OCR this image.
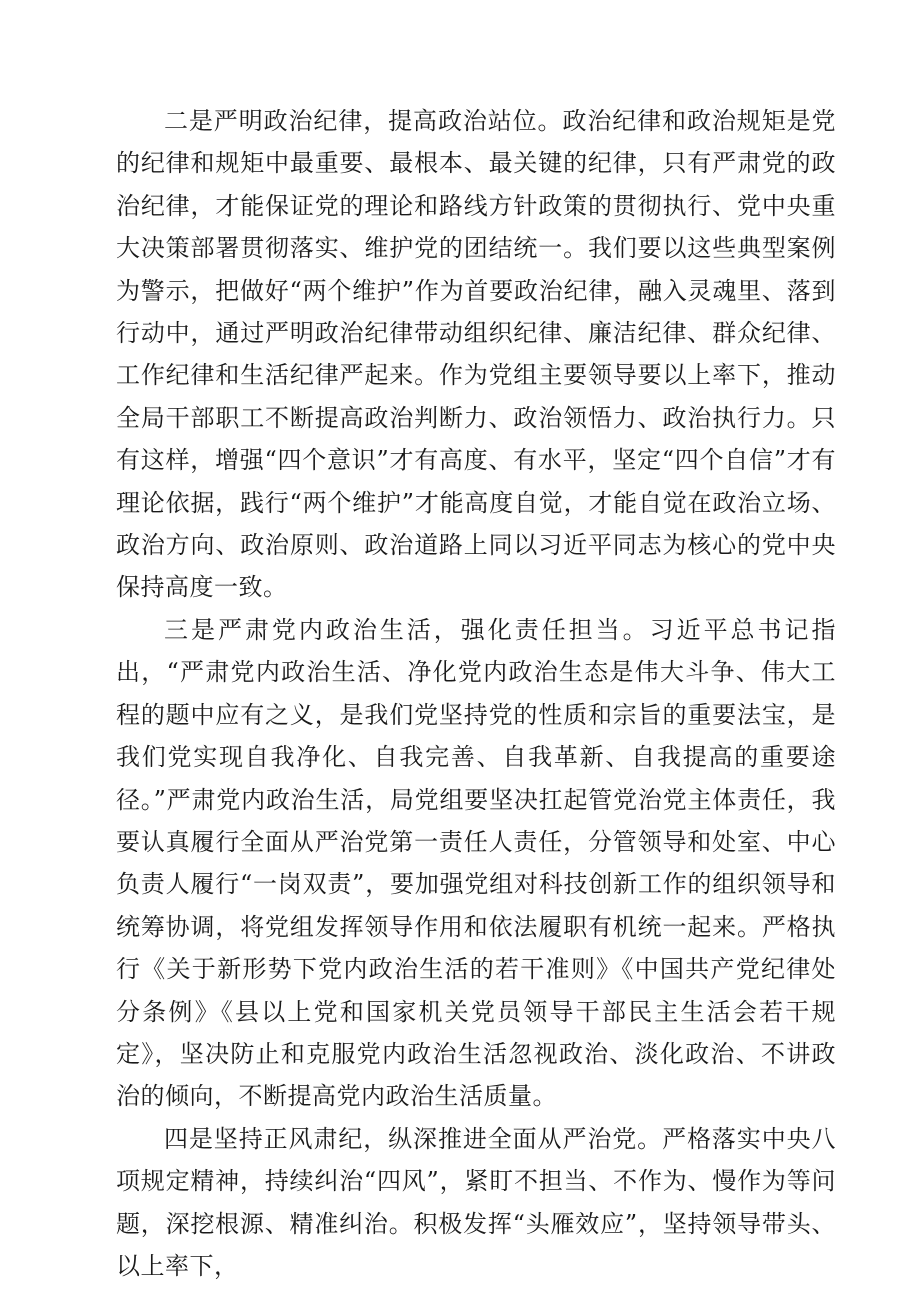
二是严明政治纪律，提高政治站位。政治纪律和政治规矩是党的纪律和规矩中最重要、最根本、最关键的纪律，只有严肃党的政治纪律，才能保证党的理论和路线方针政策的贯彻执行、党中央重大决策部署贯彻落实、维护党的团结统一。我们要以这些典型案例为警示，把做好“两个维护”作为首要政治纪律，融入灵魂里、落到行动中，通过严明政治纪律带动组织纪律、廉洁纪律、群众纪律、工作纪律和生活纪律严起来。作为党组主要领导要以上率下，推动全局干部职工不断提高政治判断力、政治领悟力、政治执行力。只有这样，增强“四个意识”才有高度、有水平，坚定“四个自信”才有理论依据，践行“两个维护”才能高度自觉，才能自觉在政治立场、政治方向、政治原则、政治道路上同以习近平同志为核心的党中央保持高度一致。

三是严肃党内政治生活，强化责任担当。习近平总书记指出，“严肃党内政治生活、净化党内政治生态是伟大斗争、伟大工程的题中应有之义，是我们党坚持党的性质和宗旨的重要法宝，是我们党实现自我净化、自我完善、自我革新、自我提高的重要途径。”严肃党内政治生活，局党组要坚决扛起管党治党主体责任，我要认真履行全面从严治党第一责任人责任，分管领导和处室、中心负责人履行“一岗双责”，要加强党组对科技创新工作的组织领导和统筹协调，将党组发挥领导作用和依法履职有机统一起来。严格执行《关于新形势下党内政治生活的若干准则》《中国共产党纪律处分条例》《县以上党和国家机关党员领导干部民主生活会若干规定》，坚决防止和克服党内政治生活忽视政治、淡化政治、不讲政治的倾向，不断提高党内政治生活质量。

四是坚持正风肃纪，纵深推进全面从严治党。严格落实中央八项规定精神，持续纠治“四风”，紧盯不担当、不作为、慢作为等问题，深挖根源、精准纠治。积极发挥“头雁效应”，坚持领导带头、以上率下，
